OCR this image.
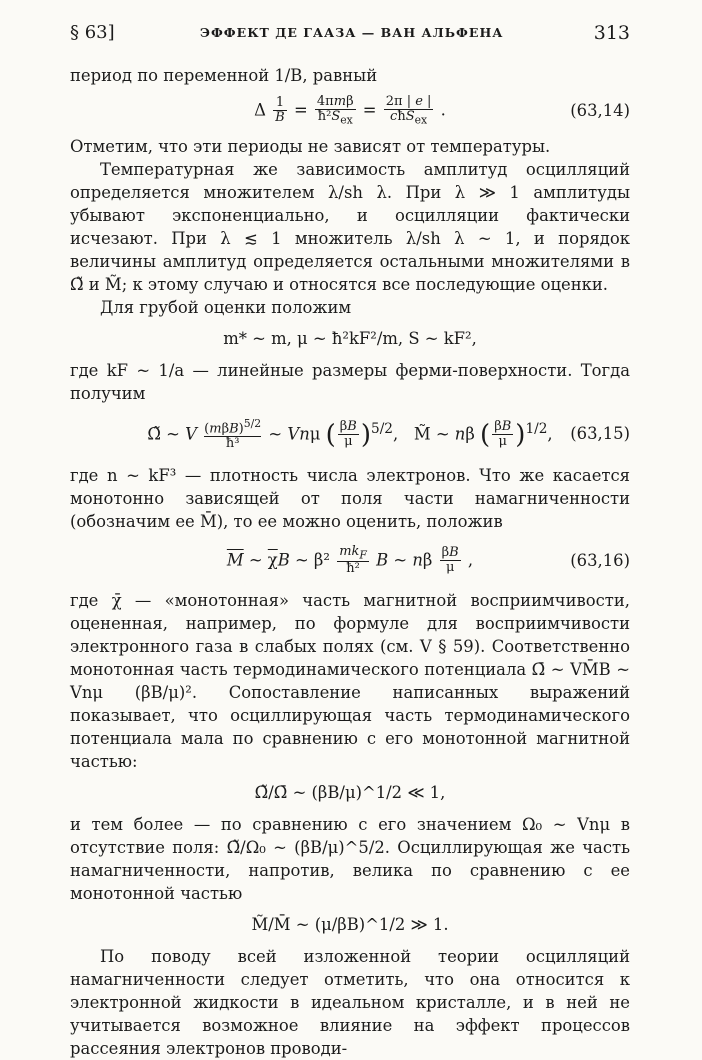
§ 63]	ЭФФЕКТ ДЕ ГААЗА — ВАН АЛЬФЕНА	313

период по переменной 1/B, равный

Δ $\frac{1}{B} = \frac{\text{4πmβ}}{ħ^2S_{ex}} = \frac{2\pi | e |}{cħS_{ex}}$ .	(63,14)

Отметим, что эти периоды не зависят от температуры.

Температурная же зависимость амплитуд осцилляций определяется множителем λ/sh λ. При λ ≫ 1 амплитуды убывают экспоненциально, и осцилляции фактически исчезают. При λ ≲ 1 множитель λ/sh λ ~ 1, и порядок величины амплитуд определяется остальными множителями в Ω̃ и M̃; к этому случаю и относятся все последующие оценки.

Для грубой оценки положим

m* ~ m, μ ~ ħ²kF²/m, S ~ kF²,

где kF ~ 1/a — линейные размеры ферми-поверхности. Тогда получим

Ω̃ ~ V $(m\beta B)^{5/2}$
ħ³
~ Vnμ ( $\frac{\beta B}{\mu} )^{5/2}$,   M̃ ~ nβ ( $\frac{\beta B}{\mu} )^{1/2}$, (63,15)

где n ~ kF³ — плотность числа электронов. Что же касается монотонно зависящей от поля части намагниченности (обозначим ее M̄), то ее можно оценить, положив

$\overline{M}$ ~ $\overline{\chi}B$ ~ $\beta^2 \frac{mk_F}{\text{ħ²}}$ B ~ nβ $\frac{\beta B}{\mu}$ ,	(63,16)

где χ̄ — «монотонная» часть магнитной восприимчивости, оцененная, например, по формуле для восприимчивости электронного газа в слабых полях (см. V § 59). Соответственно монотонная часть термодинамического потенциала Ω̄ ~ VM̄B ~ Vnμ (βB/μ)². Сопоставление написанных выражений показывает, что осциллирующая часть термодинамического потенциала мала по сравнению с его монотонной магнитной частью:

Ω̃/Ω̄ ~ (βB/μ)^1/2 ≪ 1,

и тем более — по сравнению с его значением Ω₀ ~ Vnμ в отсутствие поля: Ω̃/Ω₀ ~ (βB/μ)^5/2. Осциллирующая же часть намагниченности, напротив, велика по сравнению с ее монотонной частью

M̃/M̄ ~ (μ/βB)^1/2 ≫ 1.

По поводу всей изложенной теории осцилляций намагниченности следует отметить, что она относится к электронной жидкости в идеальном кристалле, и в ней не учитывается возможное влияние на эффект процессов рассеяния электронов проводи-
